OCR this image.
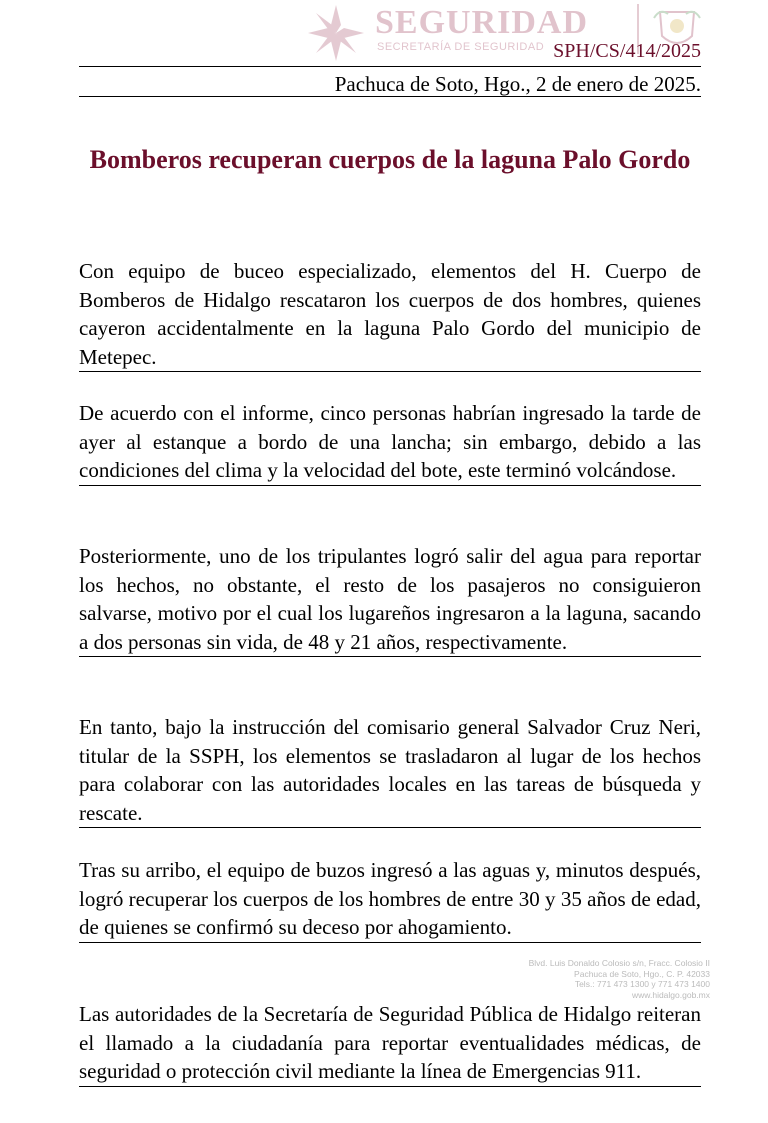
SEGURIDAD
SECRETARÍA DE SEGURIDAD SPH/CS/414/2025
Pachuca de Soto, Hgo., 2 de enero de 2025.
Bomberos recuperan cuerpos de la laguna Palo Gordo

Con equipo de buceo especializado, elementos del H. Cuerpo de Bomberos de Hidalgo rescataron los cuerpos de dos hombres, quienes cayeron accidentalmente en la laguna Palo Gordo del municipio de Metepec.

De acuerdo con el informe, cinco personas habrían ingresado la tarde de ayer al estanque a bordo de una lancha; sin embargo, debido a las condiciones del clima y la velocidad del bote, este terminó volcándose.

Posteriormente, uno de los tripulantes logró salir del agua para reportar los hechos, no obstante, el resto de los pasajeros no consiguieron salvarse, motivo por el cual los lugareños ingresaron a la laguna, sacando a dos personas sin vida, de 48 y 21 años, respectivamente.

En tanto, bajo la instrucción del comisario general Salvador Cruz Neri, titular de la SSPH, los elementos se trasladaron al lugar de los hechos para colaborar con las autoridades locales en las tareas de búsqueda y rescate.

Tras su arribo, el equipo de buzos ingresó a las aguas y, minutos después, logró recuperar los cuerpos de los hombres de entre 30 y 35 años de edad, de quienes se confirmó su deceso por ahogamiento.

Blvd. Luis Donaldo Colosio s/n, Fracc. Colosio II
Pachuca de Soto, Hgo., C. P. 42033
Tels.: 771 473 1300 y 771 473 1400
www.hidalgo.gob.mx

Las autoridades de la Secretaría de Seguridad Pública de Hidalgo reiteran el llamado a la ciudadanía para reportar eventualidades médicas, de seguridad o protección civil mediante la línea de Emergencias 911.
